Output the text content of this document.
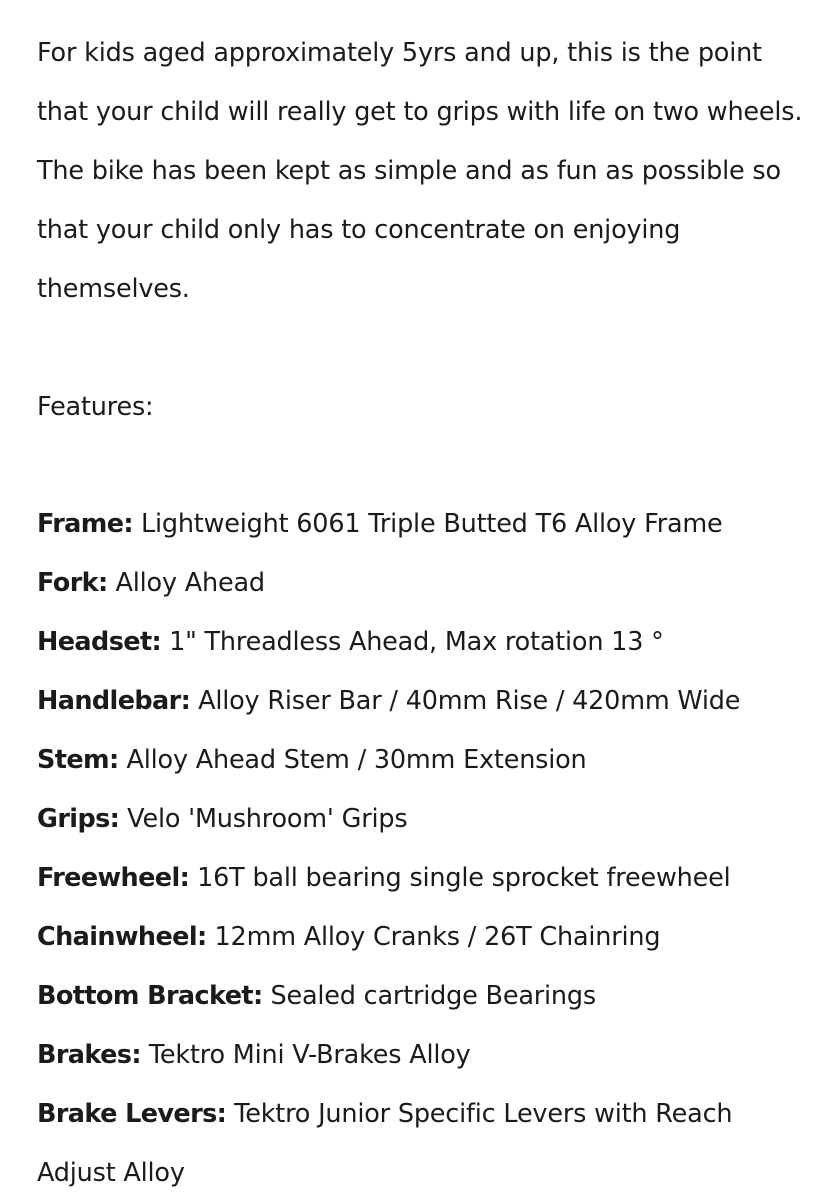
For kids aged approximately 5yrs and up, this is the point that your child will really get to grips with life on two wheels. The bike has been kept as simple and as fun as possible so that your child only has to concentrate on enjoying themselves.

Features:

Frame: Lightweight 6061 Triple Butted T6 Alloy Frame
Fork: Alloy Ahead
Headset: 1" Threadless Ahead, Max rotation 13 °
Handlebar: Alloy Riser Bar / 40mm Rise / 420mm Wide
Stem: Alloy Ahead Stem / 30mm Extension
Grips: Velo 'Mushroom' Grips
Freewheel: 16T ball bearing single sprocket freewheel
Chainwheel: 12mm Alloy Cranks / 26T Chainring
Bottom Bracket: Sealed cartridge Bearings
Brakes: Tektro Mini V-Brakes Alloy
Brake Levers: Tektro Junior Specific Levers with Reach Adjust Alloy
